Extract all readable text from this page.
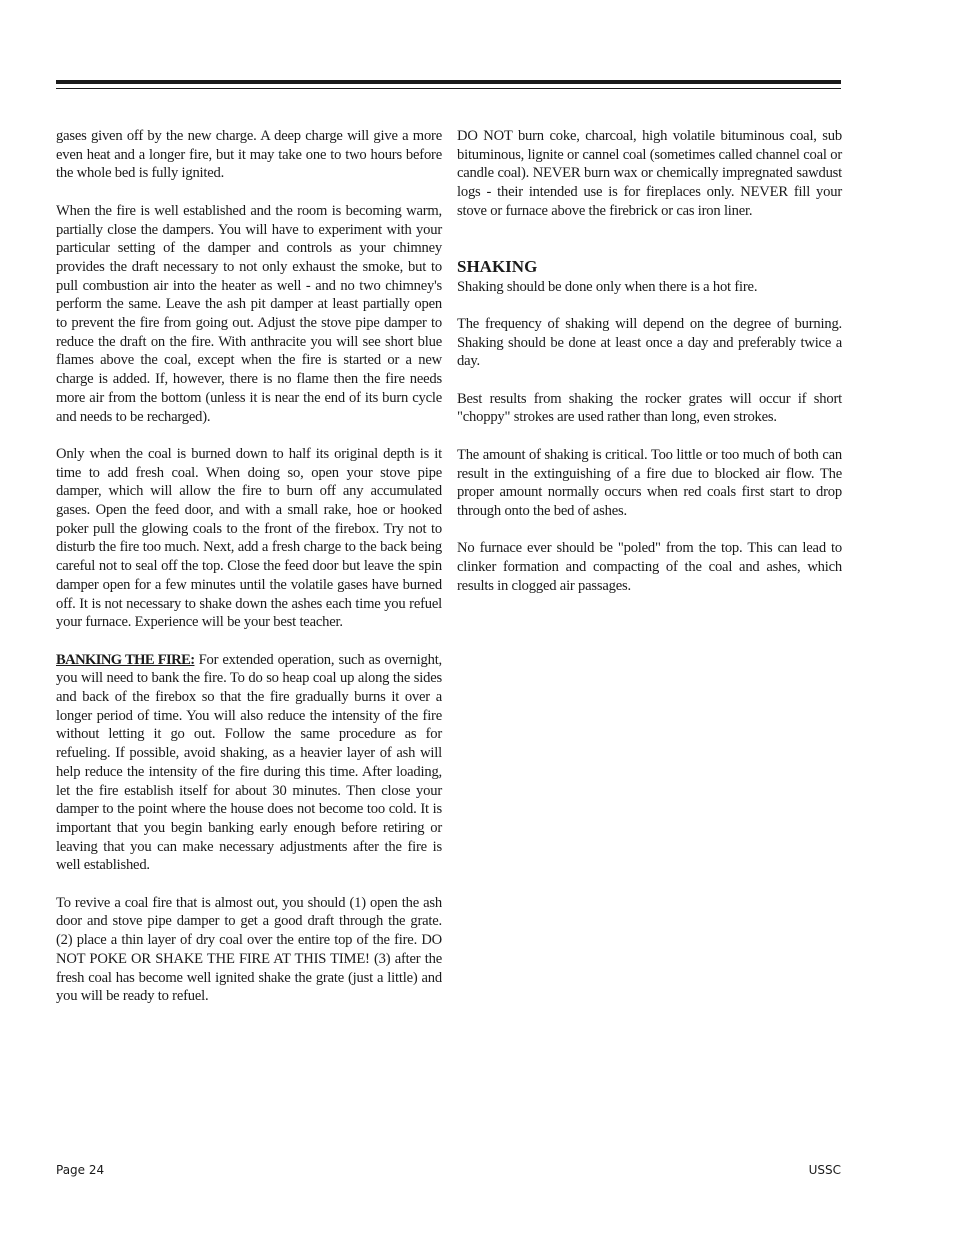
gases given off by the new charge. A deep charge will give a more even heat and a longer fire, but it may take one to two hours before the whole bed is fully ignited.

When the fire is well established and the room is becoming warm, partially close the dampers. You will have to experiment with your particular setting of the damper and controls as your chimney provides the draft necessary to not only exhaust the smoke, but to pull combustion air into the heater as well - and no two chimney's perform the same. Leave the ash pit damper at least partially open to prevent the fire from going out. Adjust the stove pipe damper to reduce the draft on the fire. With anthracite you will see short blue flames above the coal, except when the fire is started or a new charge is added. If, however, there is no flame then the fire needs more air from the bottom (unless it is near the end of its burn cycle and needs to be recharged).

Only when the coal is burned down to half its original depth is it time to add fresh coal. When doing so, open your stove pipe damper, which will allow the fire to burn off any accumulated gases. Open the feed door, and with a small rake, hoe or hooked poker pull the glowing coals to the front of the firebox. Try not to disturb the fire too much. Next, add a fresh charge to the back being careful not to seal off the top. Close the feed door but leave the spin damper open for a few minutes until the volatile gases have burned off. It is not necessary to shake down the ashes each time you refuel your furnace. Experience will be your best teacher.

BANKING THE FIRE: For extended operation, such as overnight, you will need to bank the fire. To do so heap coal up along the sides and back of the firebox so that the fire gradually burns it over a longer period of time. You will also reduce the intensity of the fire without letting it go out. Follow the same procedure as for refueling. If possible, avoid shaking, as a heavier layer of ash will help reduce the intensity of the fire during this time. After loading, let the fire establish itself for about 30 minutes. Then close your damper to the point where the house does not become too cold. It is important that you begin banking early enough before retiring or leaving that you can make necessary adjustments after the fire is well established.

To revive a coal fire that is almost out, you should (1) open the ash door and stove pipe damper to get a good draft through the grate. (2) place a thin layer of dry coal over the entire top of the fire. DO NOT POKE OR SHAKE THE FIRE AT THIS TIME! (3) after the fresh coal has become well ignited shake the grate (just a little) and you will be ready to refuel.

DO NOT burn coke, charcoal, high volatile bituminous coal, sub bituminous, lignite or cannel coal (sometimes called channel coal or candle coal). NEVER burn wax or chemically impregnated sawdust logs - their intended use is for fireplaces only. NEVER fill your stove or furnace above the firebrick or cas iron liner.

SHAKING

Shaking should be done only when there is a hot fire.

The frequency of shaking will depend on the degree of burning. Shaking should be done at least once a day and preferably twice a day.

Best results from shaking the rocker grates will occur if short "choppy" strokes are used rather than long, even strokes.

The amount of shaking is critical. Too little or too much of both can result in the extinguishing of a fire due to blocked air flow. The proper amount normally occurs when red coals first start to drop through onto the bed of ashes.

No furnace ever should be "poled" from the top. This can lead to clinker formation and compacting of the coal and ashes, which results in clogged air passages.

Page 24	USSC
